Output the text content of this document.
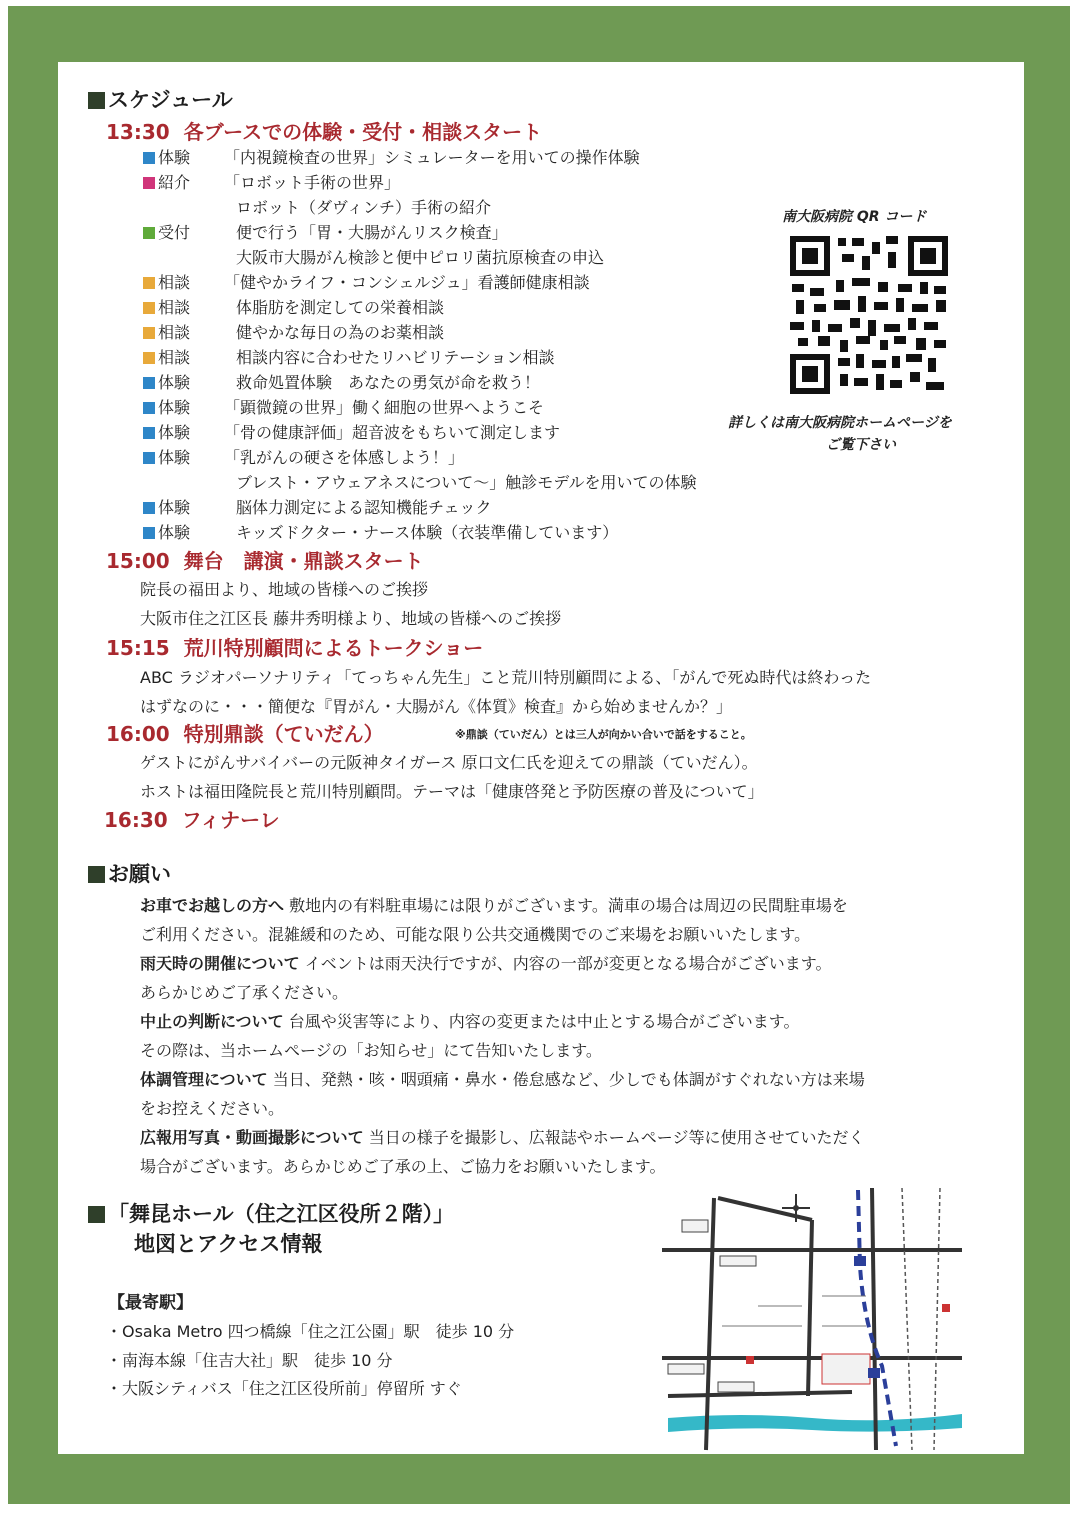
スケジュール
13:30 各ブースでの体験・受付・相談スタート
体験 「内視鏡検査の世界」シミュレーターを用いての操作体験
紹介 「ロボット手術の世界」
ロボット（ダヴィンチ）手術の紹介
受付	便で行う「胃・大腸がんリスク検査」
大阪市大腸がん検診と便中ピロリ菌抗原検査の申込
相談 「健やかライフ・コンシェルジュ」看護師健康相談
相談	体脂肪を測定しての栄養相談
相談	健やかな毎日の為のお薬相談
相談	相談内容に合わせたリハビリテーション相談
体験	救命処置体験　あなたの勇気が命を救う！
体験 「顕微鏡の世界」働く細胞の世界へようこそ
体験 「骨の健康評価」超音波をもちいて測定します
体験 「乳がんの硬さを体感しよう！」
ブレスト・アウェアネスについて～」触診モデルを用いての体験
体験	脳体力測定による認知機能チェック
体験	キッズドクター・ナース体験（衣装準備しています）
15:00 舞台　講演・鼎談スタート
院長の福田より、地域の皆様へのご挨拶
大阪市住之江区長 藤井秀明様より、地域の皆様へのご挨拶
15:15 荒川特別顧問によるトークショー
ABC ラジオパーソナリティ「てっちゃん先生」こと荒川特別顧問による、「がんで死ぬ時代は終わった
はずなのに・・・簡便な『胃がん・大腸がん《体質》検査』から始めませんか？」
16:00 特別鼎談（ていだん）	※鼎談（ていだん）とは三人が向かい合いで話をすること。
ゲストにがんサバイバーの元阪神タイガース 原口文仁氏を迎えての鼎談（ていだん）。
ホストは福田隆院長と荒川特別顧問。テーマは「健康啓発と予防医療の普及について」
16:30 フィナーレ
南大阪病院 QR コード
詳しくは南大阪病院ホームページを
ご覧下さい
お願い
お車でお越しの方へ 敷地内の有料駐車場には限りがございます。満車の場合は周辺の民間駐車場を
ご利用ください。混雑緩和のため、可能な限り公共交通機関でのご来場をお願いいたします。
雨天時の開催について イベントは雨天決行ですが、内容の一部が変更となる場合がございます。
あらかじめご了承ください。
中止の判断について 台風や災害等により、内容の変更または中止とする場合がございます。
その際は、当ホームページの「お知らせ」にて告知いたします。
体調管理について 当日、発熱・咳・咽頭痛・鼻水・倦怠感など、少しでも体調がすぐれない方は来場
をお控えください。
広報用写真・動画撮影について 当日の様子を撮影し、広報誌やホームページ等に使用させていただく
場合がございます。あらかじめご了承の上、ご協力をお願いいたします。
「舞昆ホール（住之江区役所２階）」
地図とアクセス情報
【最寄駅】
・Osaka Metro 四つ橋線「住之江公園」駅　徒歩 10 分
・南海本線「住吉大社」駅　徒歩 10 分
・大阪シティバス「住之江区役所前」停留所 すぐ
